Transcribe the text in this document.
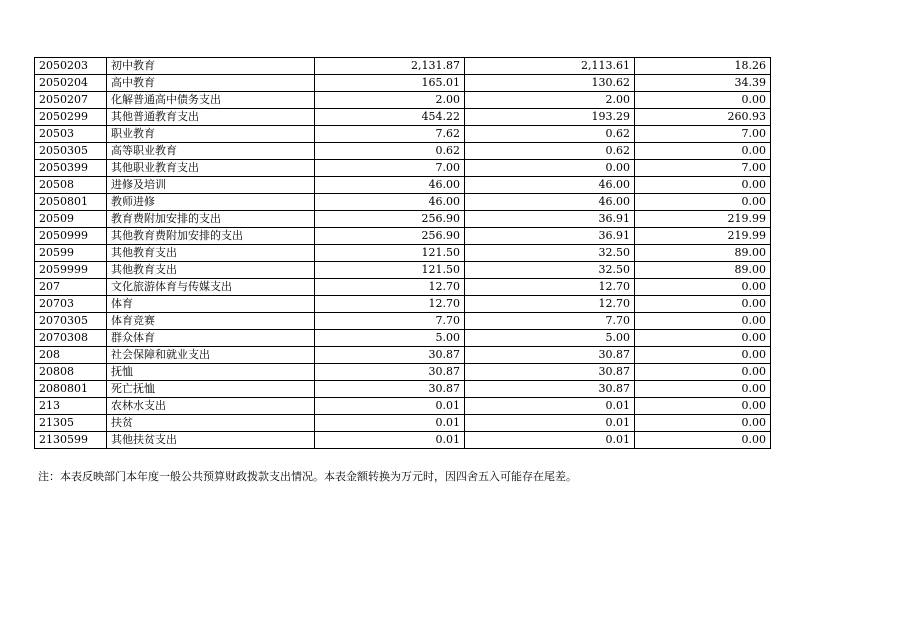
2050203	初中教育	2,131.87	2,113.61	18.26
2050204	高中教育	165.01	130.62	34.39
2050207	化解普通高中债务支出	2.00	2.00	0.00
2050299	其他普通教育支出	454.22	193.29	260.93
20503	职业教育	7.62	0.62	7.00
2050305	高等职业教育	0.62	0.62	0.00
2050399	其他职业教育支出	7.00	0.00	7.00
20508	进修及培训	46.00	46.00	0.00
2050801	教师进修	46.00	46.00	0.00
20509	教育费附加安排的支出	256.90	36.91	219.99
2050999	其他教育费附加安排的支出	256.90	36.91	219.99
20599	其他教育支出	121.50	32.50	89.00
2059999	其他教育支出	121.50	32.50	89.00
207	文化旅游体育与传媒支出	12.70	12.70	0.00
20703	体育	12.70	12.70	0.00
2070305	体育竞赛	7.70	7.70	0.00
2070308	群众体育	5.00	5.00	0.00
208	社会保障和就业支出	30.87	30.87	0.00
20808	抚恤	30.87	30.87	0.00
2080801	死亡抚恤	30.87	30.87	0.00
213	农林水支出	0.01	0.01	0.00
21305	扶贫	0.01	0.01	0.00
2130599	其他扶贫支出	0.01	0.01	0.00
注：本表反映部门本年度一般公共预算财政拨款支出情况。本表金额转换为万元时，因四舍五入可能存在尾差。
